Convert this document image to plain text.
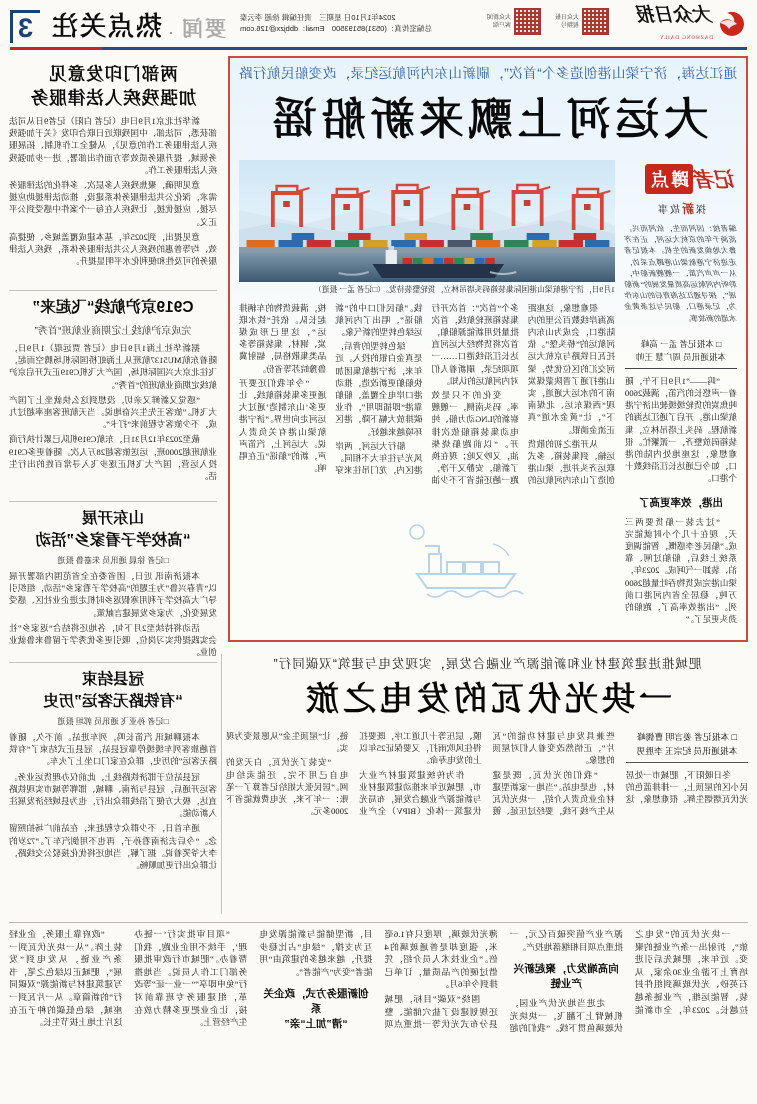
大众日报
DAZHONG DAILY
大众日报
视频号
大众新闻
客户端
2024年1月10日 星期三　责任编辑 徐超 李云泰
总编室传真：(0531)85193500　Email：dbbjzx@126.com
要闻
·
热点关注
3
通江达海，济宁梁山港创造多个“首次”，刷新山东内河航运纪录，改变船民航行路
大运河上飘来新船谣
记者
蹲点
探新故事
编者按：因河而生，依河而兴。流淌千年的京杭大运河，正在齐鲁大地焕发新的生机。本报记者走进济宁港航梁山港蹲点采访，从一声声汽笛、一艘艘新船中，聆听内河航运高质量发展的“新船谣”，探寻通江达海背后的山东作为，记录港口、船民与这条黄金水道的新故事。
□ 本报记者 孟一 高峰
本报通讯员 周广慧 王帅

“呜——”1月9日下午，随着一声悠长的汽笛，满载2600吨焦炭的货轮缓缓驶出济宁港航梁山港，开启了通江达海的新航程。码头上塔吊林立，集装箱码放整齐，一派繁忙。很难想象，这座地处内陆的港口，如今已通达长江沿线数十个港口。

出港，效率更高了

“过去装一船货要两三天，现在十几个小时就能完成。”船民老李感慨，智能调度系统上线后，船舶过闸、靠泊、装卸一气呵成。2023年，梁山港完成货物吞吐量超2600万吨，稳居全省内河港口前列。“出港效率高了，跑船的劲头更足了。”

1月9日，济宁港航梁山港国际集装箱码头塔吊林立，货轮整装待发。（□记者 孟一 报道）

很难想象，这座距离海岸线数百公里的内陆港口，会成为山东内河航运的“桥头堡”。依托瓦日铁路与京杭大运河交汇的区位优势，梁山港打通了晋陕蒙煤炭南下的水运大通道，实现“西煤东运、北煤南下”，让“黄金水道”真正流金淌银。

从开港之初的散货运输，到集装箱、多式联运齐头并进，梁山港创造了山东内河航运的多个“首次”：首次开行集装箱班轮航线，首次批量投用新能源船舶，首次将货物经大运河直达长江沿线港口……一项项纪录，刷新着人们对内河航运的认知。

变化的不只是效率。码头南侧，一艘艘崭新的LNG动力船、纯电动集装箱船依次排开。“以前跑船烧柴油，又吵又呛；现在换了新船，安静又干净，跑一趟还能省下不少油钱。”船民们口中的“新船谣”，唱出了内河航运绿色转型的新气象。

绿色转型的背后，是真金白银的投入。近年来，济宁港航集团加快船舶更新改造，推动港口岸电全覆盖，船舶靠港“即插即用”，作业碳排放大幅下降，港区环境越来越好。

船行大运河，两岸风光与往年大不相同。港区内，龙门吊往来穿梭，满载货物的车辆排起长队。依托“铁水联运”，这里已形成煤炭、钢材、集装箱等多品类集散格局，辐射冀鲁豫皖苏等省份。

“今年我们还要开通更多集装箱航线，让更多‘山东制造’通过大运河走向世界。”济宁港航梁山港有关负责人说。大运河上，汽笛声声，新的“船谣”正在唱响。

两部门印发意见
加强残疾人法律服务

新华社北京1月9日电（记者 白阳）记者9日从司法部获悉，司法部、中国残联近日联合印发《关于加强残疾人法律服务工作的意见》，从健全工作机制、拓展服务领域、提升服务质效等方面作出部署，进一步加强残疾人法律服务工作。

意见明确，聚焦残疾人多层次、多样化的法律服务需求，深化公共法律服务体系建设，推动法律援助应援尽援、应援优援，让残疾人在每一个案件中感受到公平正义。

意见提出，到2025年，基本建成覆盖城乡、便捷高效、均等普惠的残疾人公共法律服务体系，残疾人法律服务的可及性和便利化水平明显提升。

C919京沪航线“飞起来”
完成京沪航线上定期商业航班“首秀”

据新华社上海1月9日电（记者 贾远琨）1月9日，随着东航MU5137航班从上海虹桥国际机场腾空而起，飞往北京大兴国际机场，国产大飞机C919正式开启京沪航线定期商业航班的“首秀”。

“感觉又新鲜又亲切，没想到这么快就坐上了国产大飞机。”旅客王先生兴奋地说。当天航班客座率超过九成，不少旅客专程前来“打卡”。

截至2023年12月31日，东航C919机队已累计执行商业航班超2000班，运送旅客超28万人次。随着更多C919投入运营，国产大飞机正逐步飞入寻常百姓的出行生活。

山东开展
“高校学子看家乡”活动
□记者 徐晨 通讯员 朱嘉鲁 报道

本报济南讯 近日，团省委在全省范围内部署开展以“青春兴鲁”为主题的“高校学子看家乡”活动，组织引导广大高校学子利用寒假返乡时机走进企业社区、感受发展变化，为家乡发展建言献策。

活动将持续至2月下旬，各地还将结合“返家乡”社会实践提供实习岗位，吸引更多优秀学子留鲁来鲁就业创业。

冠县结束
“有铁路无客运”历史
□记者 孙亚飞 通讯员 郭坦 报道

本报聊城讯 汽笛长鸣，列车进站。前不久，随着首趟旅客列车缓缓停靠冠县站，冠县正式结束了“有铁路无客运”的历史，群众在家门口坐上了火车。

冠县站位于邯济铁路线上，此前仅办理货运业务。客运开通后，冠县与济南、聊城、邯郸等城市实现铁路直达，极大方便了沿线群众出行，也为县域经济发展注入新动能。

通车首日，不少群众专程赶来，在站前广场拍照留念。“今后去济南看孙子，再也不用倒汽车了。”72岁的李大爷笑着说。据了解，当地还将优化接驳公交线路，让群众出行更加顺畅。

肥城推进建筑建材业和新能源产业融合发展，实现发电与建筑“双碳同行”
一块光伏瓦的发电之旅
□ 本报记者 姜言明 曹儒峰
本报通讯员 纪宗玉 李胜男

冬日暖阳下，肥城市一处居民小区的屋顶上，一排排蓝色的光伏瓦熠熠生辉。很难想象，这些兼具发电与建材功能的“瓦片”，正悄然改变着人们对屋顶的想象。

“我们的光伏瓦，既是建材，也是电站。”当地一家新型建材企业负责人介绍，一块光伏瓦从生产线下线，要经过压延、镀膜、层压等十几道工序，既要扛得住风吹雨打，又要保证25年以上的发电寿命。

作为传统建筑建材产业大市，肥城近年来推动建筑建材业与新能源产业融合发展，布局光伏建筑一体化（BIPV）全产业链，让“屋顶生金”从愿景变为现实。

“安装了光伏瓦，白天发的电自己用不完，还能卖给电网。”居民张大姐给记者算了一笔账：一年下来，光电费就能省下2000多元。

一块光伏瓦的“发电之旅”，折射出一条产业链的聚变。近年来，肥城先后引进培育上下游企业30余家，从石英砂、光伏玻璃到组件封装、智能运维，产业链条越拉越长。2023年，全市新能源产业产值突破百亿元，一批重点项目相继落地投产。

向高端发力，聚起新兴产业链

走进当地光伏产业园，机械臂上下翻飞，一块块光伏玻璃鱼贯下线。“我们的超薄光伏玻璃，厚度只有1.6毫米，强度却是普通玻璃的4倍。”企业技术人员介绍，凭借过硬的产品质量，订单已排到今年6月。

围绕“双碳”目标，肥城还规划建设了盐穴储能、整县分布式光伏等一批重点项目，新型储能与新能源发电互为支撑，“绿电”占比稳步提升，越来越多的建筑由“用能者”变为“产能者”。

创新服务方式，政企关系
“清”加上“亲”

“项目审批实行‘一链办理’，手续不用企业跑，我们帮着办。”肥城市行政审批服务部门工作人员说。当地推行“免申即享”“一业一证”等改革，组建服务专班靠前对接，让企业把更多精力放在生产经营上。

“政府靠上服务，企业轻装上阵。”从一块光伏瓦到一条产业链，从发电到“发展”，肥城正以绿色之笔，书写建筑建材与新能源“双碳同行”的新篇章。从一片瓦到一座城，绿色低碳的种子正在这片土地上拔节生长。
